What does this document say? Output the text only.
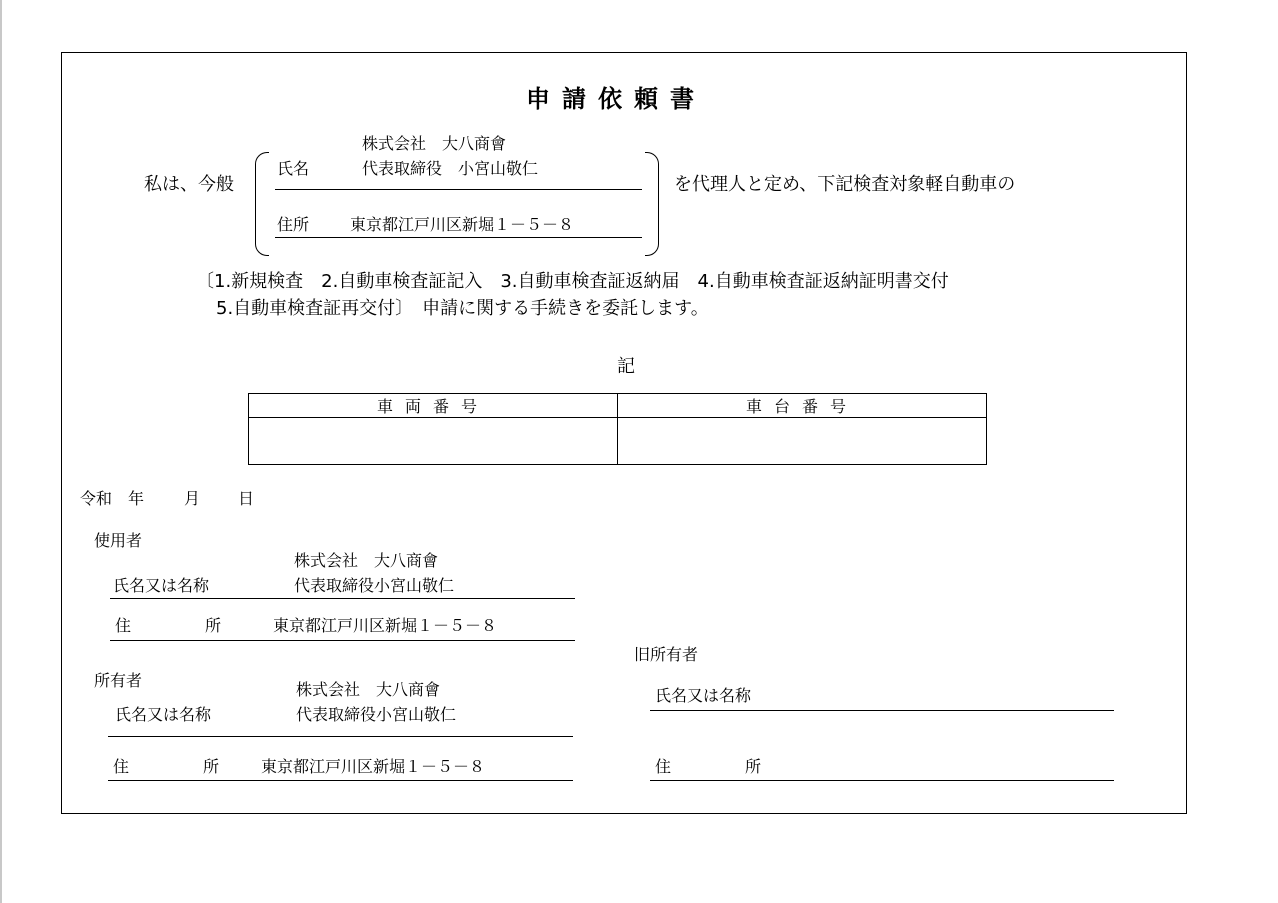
申請依頼書
私は、今般
株式会社　大八商會
氏名	代表取締役　小宮山敬仁
住所	東京都江戸川区新堀１－５－８
を代理人と定め、下記検査対象軽自動車の
〔1.新規検査　2.自動車検査証記入　3.自動車検査証返納届　4.自動車検査証返納証明書交付
5.自動車検査証再交付〕　申請に関する手続きを委託します。
記
車両番号	車台番号

令和 年 月 日
使用者
株式会社　大八商會
氏名又は名称	代表取締役小宮山敬仁
住	所	東京都江戸川区新堀１－５－８
所有者	株式会社　大八商會
氏名又は名称	代表取締役小宮山敬仁
住	所	東京都江戸川区新堀１－５－８
旧所有者
氏名又は名称
住	所
